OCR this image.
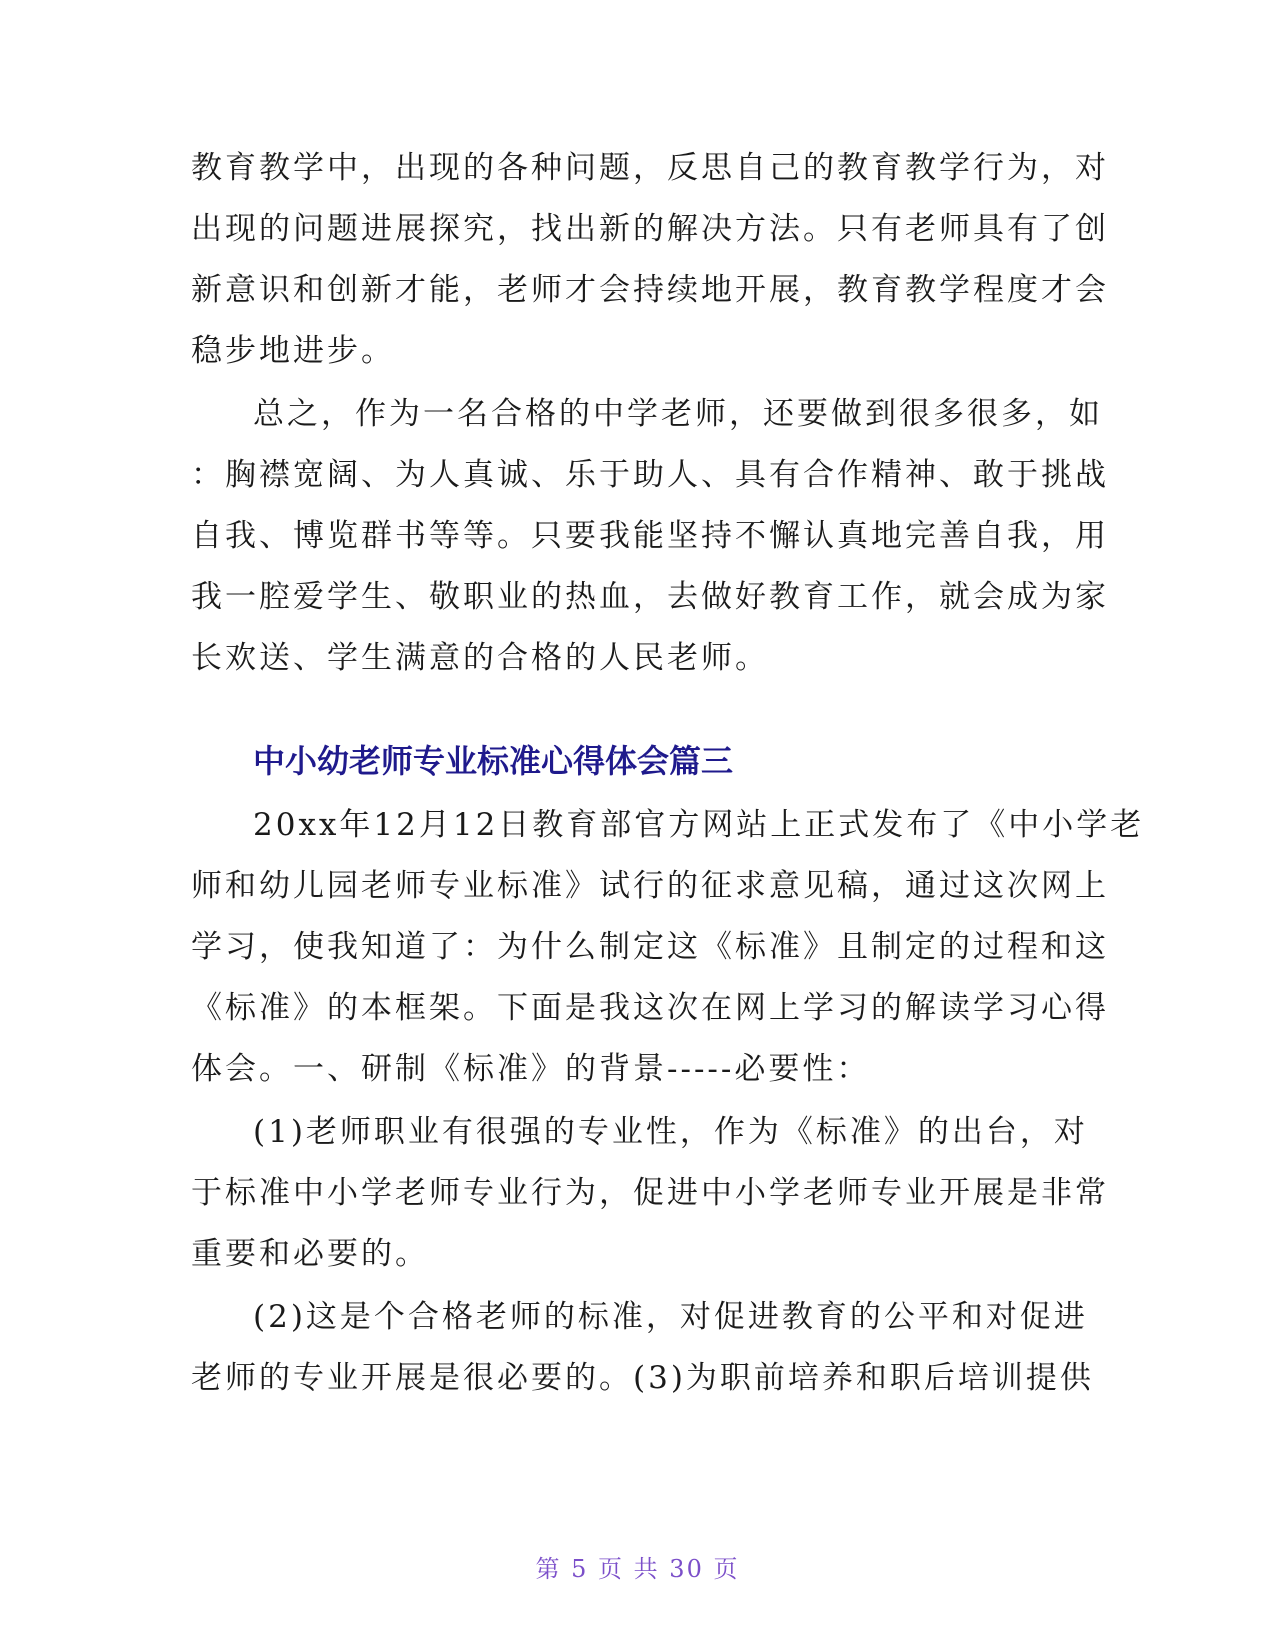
教育教学中，出现的各种问题，反思自己的教育教学行为，对
出现的问题进展探究，找出新的解决方法。只有老师具有了创
新意识和创新才能，老师才会持续地开展，教育教学程度才会
稳步地进步。
总之，作为一名合格的中学老师，还要做到很多很多，如
：胸襟宽阔、为人真诚、乐于助人、具有合作精神、敢于挑战
自我、博览群书等等。只要我能坚持不懈认真地完善自我，用
我一腔爱学生、敬职业的热血，去做好教育工作，就会成为家
长欢送、学生满意的合格的人民老师。
中小幼老师专业标准心得体会篇三
20xx年12月12日教育部官方网站上正式发布了《中小学老
师和幼儿园老师专业标准》试行的征求意见稿，通过这次网上
学习，使我知道了：为什么制定这《标准》且制定的过程和这
《标准》的本框架。下面是我这次在网上学习的解读学习心得
体会。一、研制《标准》的背景-----必要性：
(1)老师职业有很强的专业性，作为《标准》的出台，对
于标准中小学老师专业行为，促进中小学老师专业开展是非常
重要和必要的。
(2)这是个合格老师的标准，对促进教育的公平和对促进
老师的专业开展是很必要的。(3)为职前培养和职后培训提供
第 5 页 共 30 页
